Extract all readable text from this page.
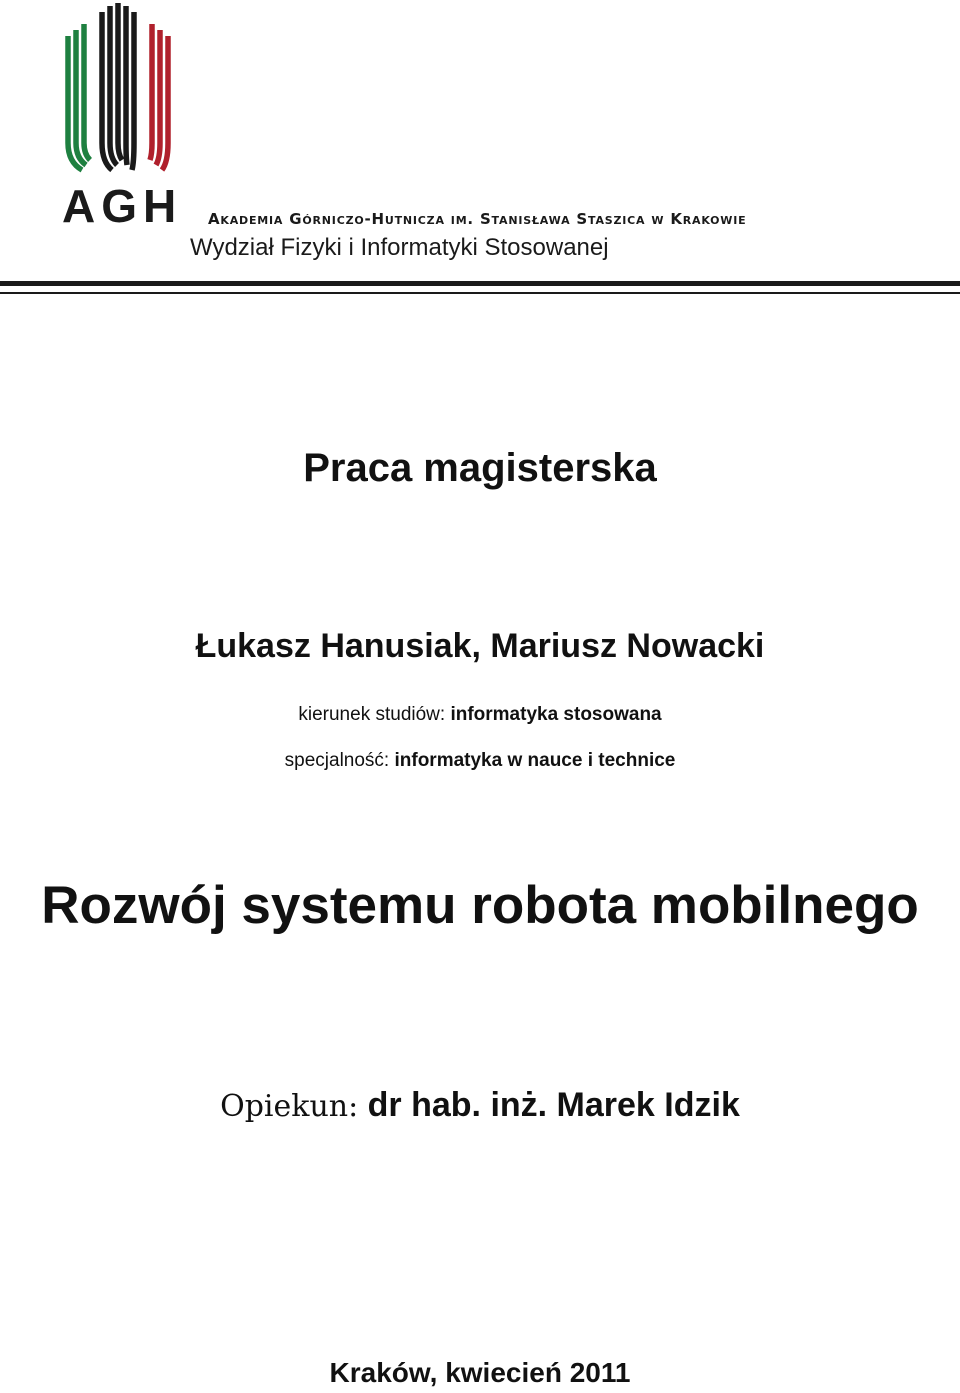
AGH Akademia Górniczo-Hutnicza im. Stanisława Staszica w Krakowie
Wydział Fizyki i Informatyki Stosowanej
Praca magisterska
Łukasz Hanusiak, Mariusz Nowacki
kierunek studiów: informatyka stosowana
specjalność: informatyka w nauce i technice
Rozwój systemu robota mobilnego
Opiekun: dr hab. inż. Marek Idzik
Kraków, kwiecień 2011
